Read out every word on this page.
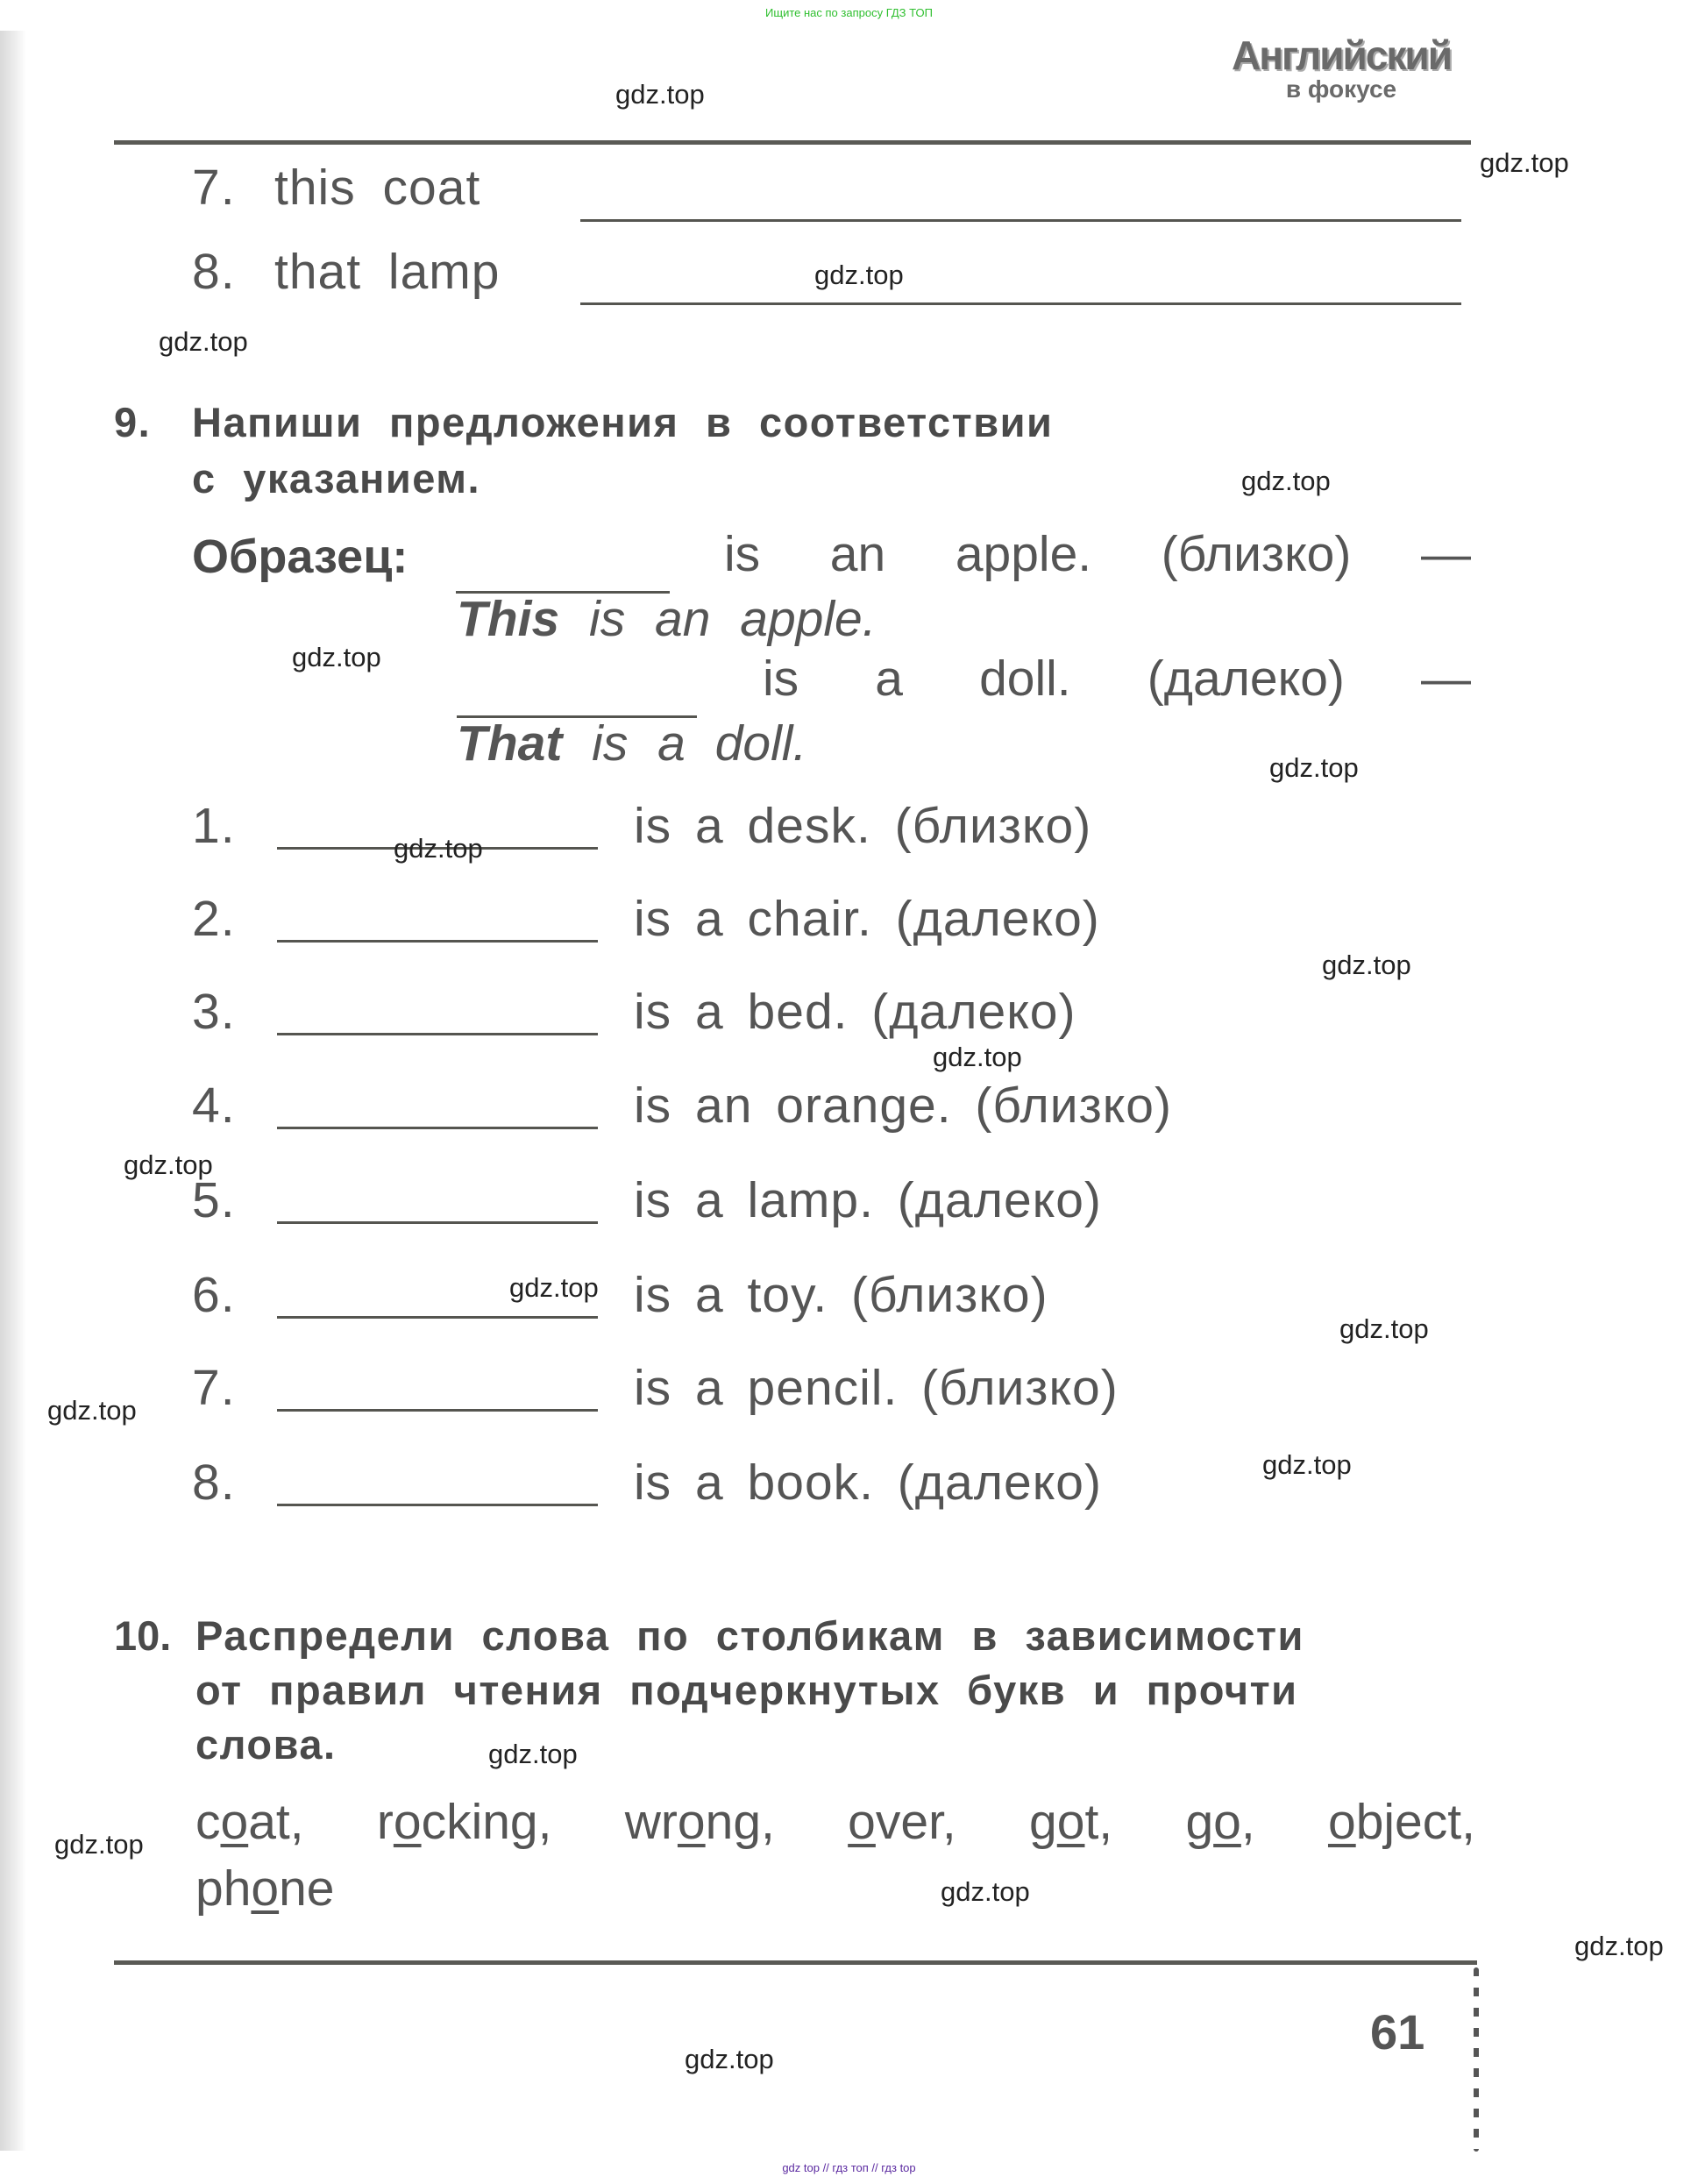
Ищите нас по запросу ГДЗ ТОП
Английский
в фокусе
7. this coat
8. that lamp
9. Напиши предложения в соответствии
с указанием.
Образец:	is an apple. (близко) —
This is an apple.
is a doll. (далеко) —
That is a doll.
1.	is a desk. (близко)
2.	is a chair. (далеко)
3.	is a bed. (далеко)
4.	is an orange. (близко)
5.	is a lamp. (далеко)
6.	is a toy. (близко)
7.	is a pencil. (близко)
8.	is a book. (далеко)
10. Распредели слова по столбикам в зависимости
от правил чтения подчеркнутых букв и прочти
слова.
coat, rocking, wrong, over, got, go, object,
phone
61
gdz.top
gdz.top
gdz.top
gdz.top
gdz.top
gdz.top
gdz.top
gdz.top
gdz.top
gdz.top
gdz.top
gdz.top
gdz.top
gdz.top
gdz.top
gdz.top
gdz.top
gdz.top
gdz.top
gdz.top
gdz top // гдз топ // гдз top
